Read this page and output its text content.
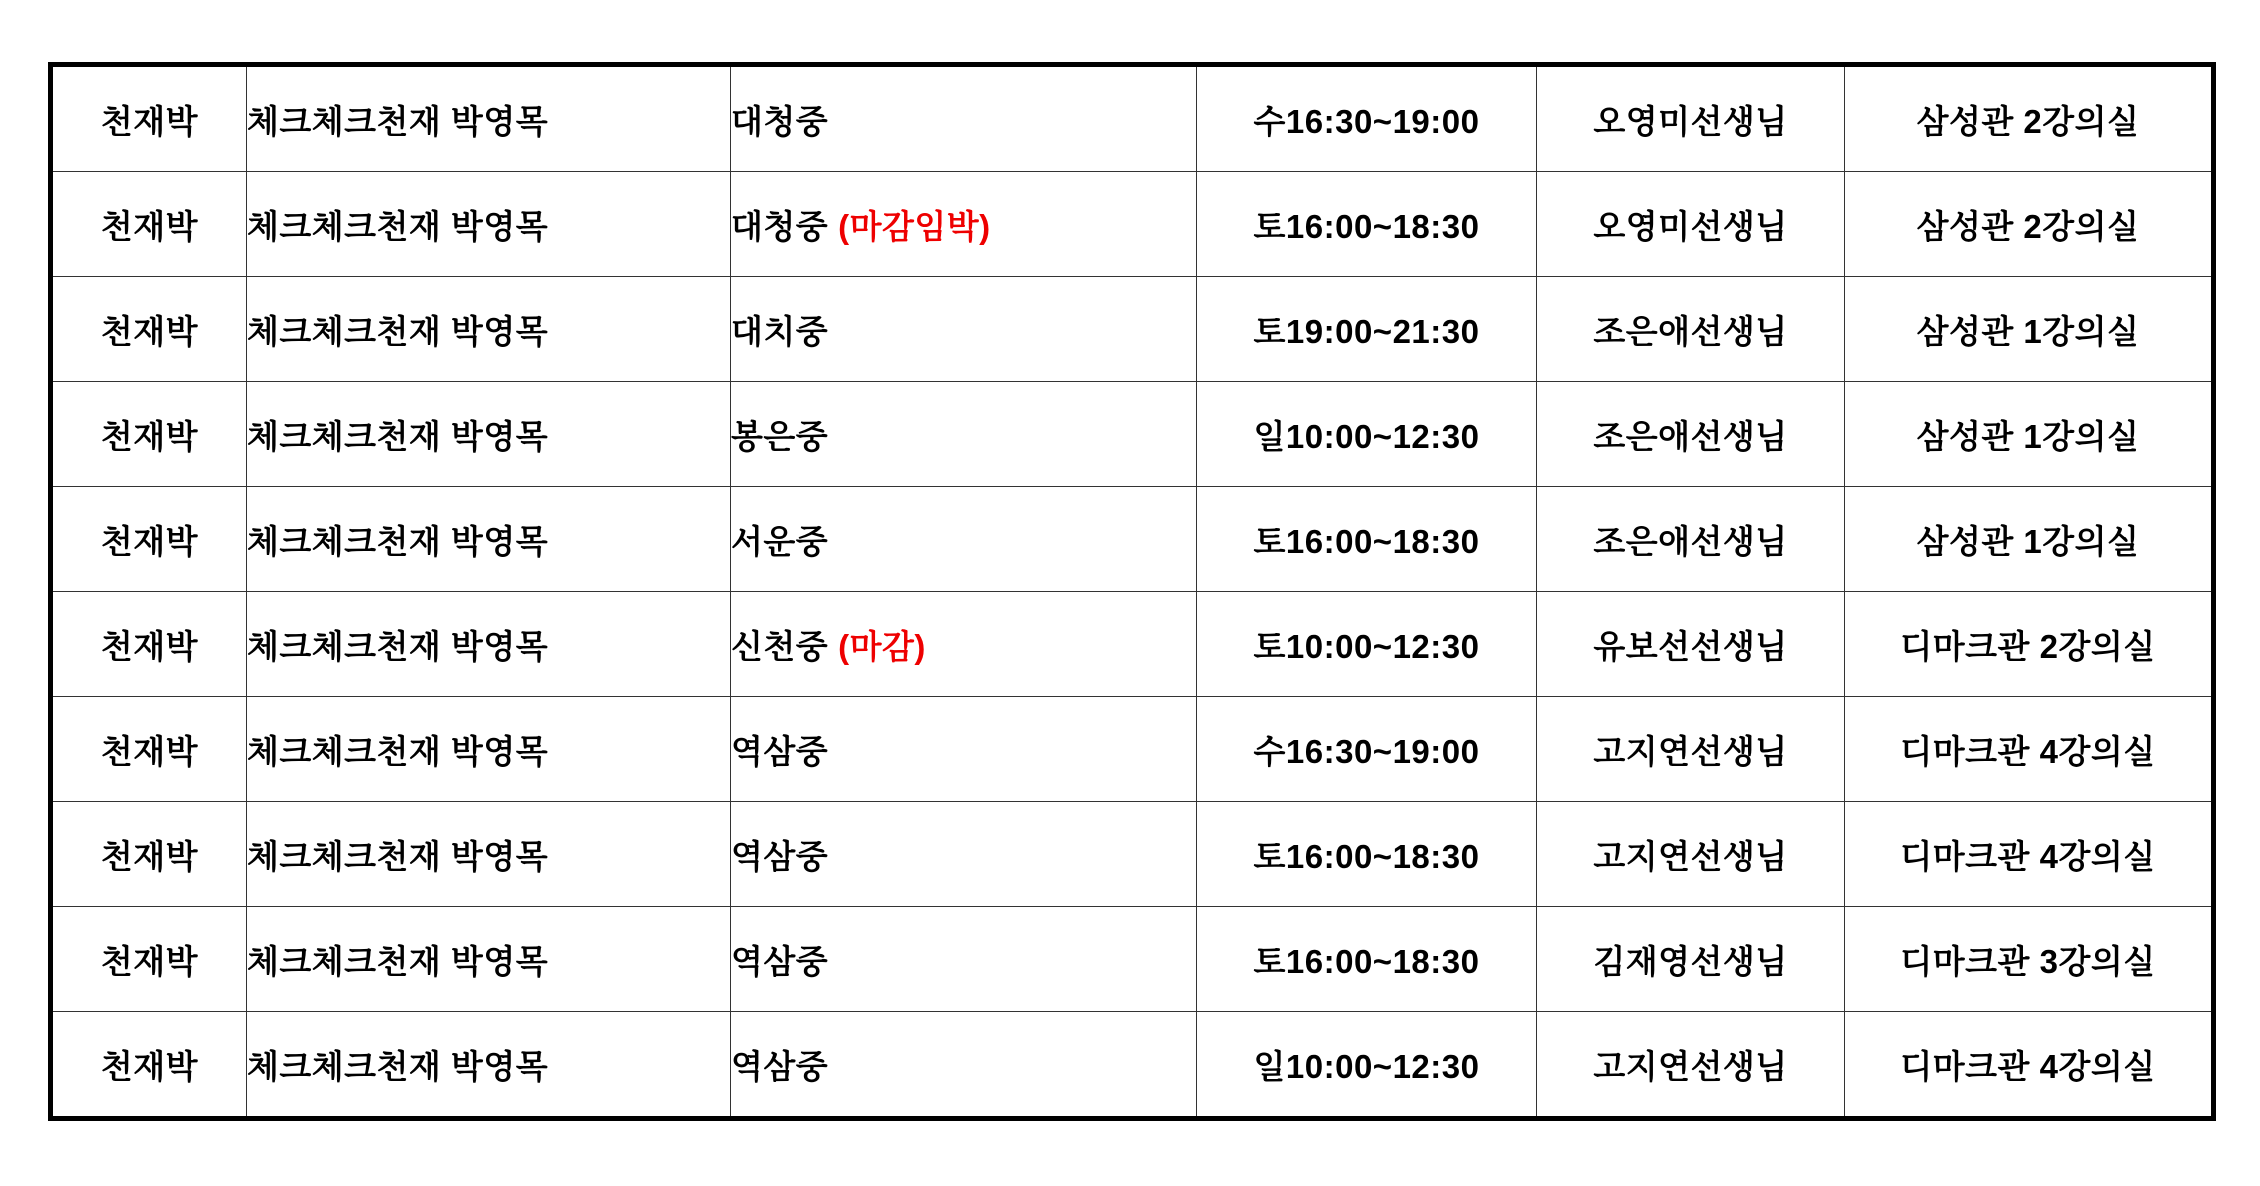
천재박	체크체크천재 박영목	대청중	수16:30~19:00	오영미선생님	삼성관 2강의실
천재박	체크체크천재 박영목	대청중 (마감임박)	토16:00~18:30	오영미선생님	삼성관 2강의실
천재박	체크체크천재 박영목	대치중	토19:00~21:30	조은애선생님	삼성관 1강의실
천재박	체크체크천재 박영목	봉은중	일10:00~12:30	조은애선생님	삼성관 1강의실
천재박	체크체크천재 박영목	서운중	토16:00~18:30	조은애선생님	삼성관 1강의실
천재박	체크체크천재 박영목	신천중 (마감)	토10:00~12:30	유보선선생님	디마크관 2강의실
천재박	체크체크천재 박영목	역삼중	수16:30~19:00	고지연선생님	디마크관 4강의실
천재박	체크체크천재 박영목	역삼중	토16:00~18:30	고지연선생님	디마크관 4강의실
천재박	체크체크천재 박영목	역삼중	토16:00~18:30	김재영선생님	디마크관 3강의실
천재박	체크체크천재 박영목	역삼중	일10:00~12:30	고지연선생님	디마크관 4강의실
